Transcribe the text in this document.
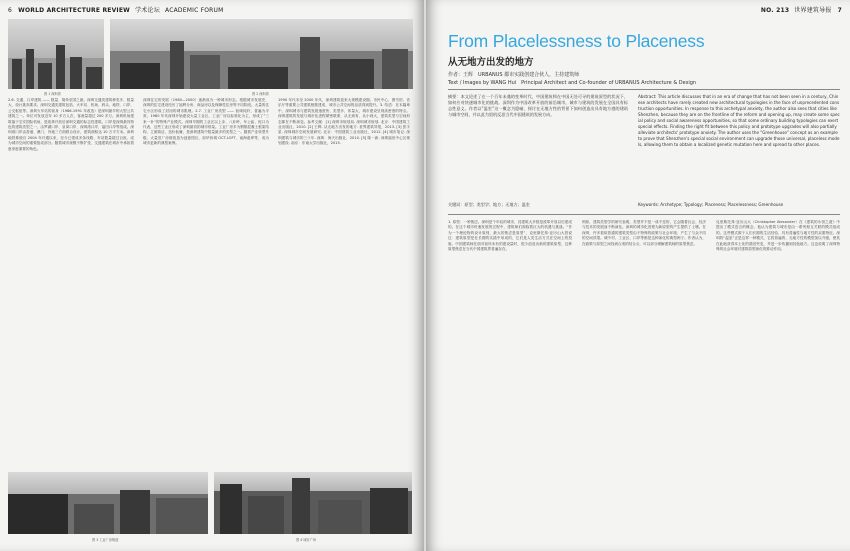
6 WORLD ARCHITECTURE REVIEW 学术论坛 ACADEMIC FORUM
图 1 深圳湾	图 2 深圳湾
2.6. 交通、口岸建筑 —— 数量、简单至国之最。深圳交通类建筑种类多、数量大、设计挑高要求。深圳交通类建筑包括、火车站、机场、码头、地铁、口岸、公交枢纽等。深圳火车站的前身（1986-1991 年改造）是深圳最早的大型公共建筑之一。单位可发放近年 10 多万人次，客流量超过 200 多万。深圳机场建筑落于宝安国际机场，是改革开放后深圳交通的标志性建筑。口岸是深圳最具特色的建筑类型之一，由罗湖口岸、皇岗口岸、深圳湾口岸、福田口岸等组成。深圳湾口岸由香港、澳门、内地三方面联合设计，建筑面积达 10 万平方米。深圳地铁系统自 2004 年开通以来，至今已建成多条线路，车站数量超过百座，成为城市空间的重要组成部分。随着城市规模不断扩张，交通建筑在城市中承担着愈来愈重要的角色。
深圳住宅的发展（1980—2000）逐渐成为一种城市形态。根据城市发展史，深圳的住宅建设经历了福利分房、商品房以及保障性住房等不同阶段。大量的住宅小区形成了封闭的城市肌理。2.7. 工业厂房类型 —— 低调纯朴，普遍为平常。1980 年代深圳开始建设大量工业区，工业厂房以标准化为主，形成了“三来一补”的特殊产业模式。深圳早期的工业区以上步、八卦岭、车公庙、蛇口为代表，这些工业区形成了深圳最初的城市骨架。工业厂房多为钢筋混凝土框架结构，立面简洁，造价低廉，是深圳建筑中数量最多的类型之一。随着产业转型升级，大量旧厂房被改造为创意园区，如华侨城 OCT-LOFT、南海意库等，成为城市更新的典型案例。
1990 年代末至 2000 年代，深圳建筑迎来大规模建设期。市民中心、图书馆、音乐厅等重要公共建筑相继建成，城市公共空间的品质得到提升。3. 结语：在本篇章中，深圳城市与建筑发展速度快、类型多、体量大，城市建设呈现高密度的特点。深圳建筑的发展与城市化进程紧密联系，从无到有、从小到大，建筑类型与空间形态都在不断演变。参考文献：[1] 深圳市规划局. 深圳城市规划. 北京：中国建筑工业出版社，2010. [2] 王辉. 从无地方出发的地方. 世界建筑导报，2013. [3] 张宇星. 深圳城市空间发展研究. 北京：中国建筑工业出版社，2012. [4] 城市笔记. 深圳建筑与城市的三十年. 深圳：海天出版社，2010. [5] 陈一新. 深圳福田中心区规划建设. 南京：东南大学出版社，2015.
图 3 工业厂房街道	图 4 城市广场
NO. 213 世界建筑导报 7
From Placelessness to Placeness
从无地方出发的地方
作者：王辉　URBANUS 都市实践创建合伙人，主持建筑师
Text / Images by WANG Hui　Principal Architect and Co-founder of URBANUS Architecture & Design
摘要：本文论述了在一个百年未遇的变革时代，中国建筑师在中国无处可寻的建筑原型的状况下，如何应对快速城市化的挑战。深圳作为中国改革开放的前沿城市，城市与建筑的发展在全国具有标志性意义。作者以“温室”这一概念为隐喻，探讨在无地方性的背景下如何创造出具有地方感的建筑与城市空间，并以此为契机反思当代中国建筑的发展方向。
关键词：原型；类型学；地方；无地方；温室
Abstract: This article discusses that in an era of change that has not been seen in a century, Chinese architects have rarely created new architectural typologies in the face of unprecedented construction opportunities. In response to this archetypal anxiety, the author also sees that cities like Shenzhen, because they are on the frontline of the reform and opening up, may create some special policy and social awareness opportunities, so that some ordinary building typologies can exert special effects. Finding the right fit between this policy and prototype upgrades will also partially alleviate architects' prototype anxiety. The author uses the "Greenhouse" concept as an example to prove that Shenzhen's special social environment can upgrade those universal, placeless models, allowing them to obtain a localized genetic mutation here and spread to other places.
Keywords: Archetype; Typology; Placeness; Placelessness; Greenhouse
1. 原型：一种焦虑。深圳是个年轻的城市，其建筑大多数是改革开放以后建成的。在这个城市快速发展的过程中，建筑师们面临着巨大的机遇与挑战。“作为一个理论物的设计原则，最大的焦虑是原型”，克里斯托弗·亚历山大曾说过：建筑原型是在长期的实践中形成的，它们是人类生活方式在空间上的投射。中国建筑师在面对前所未有的建设量时，很少创造出新的建筑原型，这种原型焦虑在当代中国建筑界普遍存在。
例如，建筑类型学的研究表明，类型并不是一成不变的，它会随着社会、经济与技术的发展而不断演化。深圳的城市化进程为新原型的产生提供了土壤。在深圳，许多看似普通的建筑类型由于特殊的政策与社会环境，产生了与众不同的空间效果。城中村、工业区、口岸等都是这种演化的典型例子。作者认为，在政策与原型之间找到合适的结合点，可以部分缓解建筑师的原型焦虑。
克里斯托弗·亚历山大（Christopher Alexander）在《建筑的永恒之道》中提出了模式语言的概念，他认为建筑与城市是由一系列相互关联的模式组成的。这些模式源于人们长期的生活经验，具有普遍性与地方性的双重特征。深圳的“温室”正是这样一种模式，它将普遍的、无地方性的模型加以升级，使其在此地获得本土化的基因突变，并进一步传播到其他地方。这也说明了深圳特殊的社会环境对建筑原型演化的推动作用。
